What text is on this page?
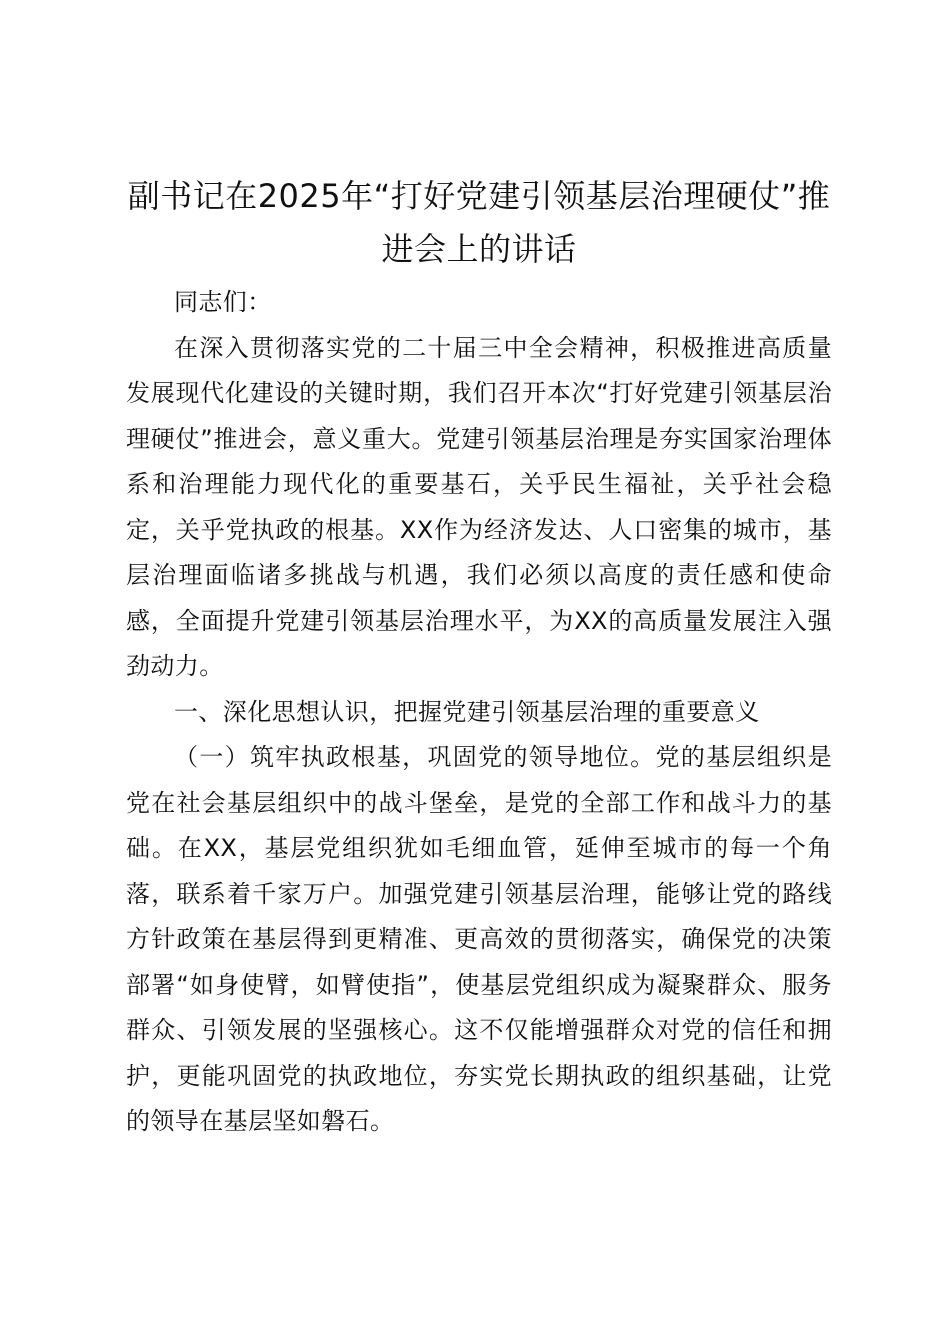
副书记在2025年“打好党建引领基层治理硬仗”推进会上的讲话

同志们：

在深入贯彻落实党的二十届三中全会精神，积极推进高质量发展现代化建设的关键时期，我们召开本次“打好党建引领基层治理硬仗”推进会，意义重大。党建引领基层治理是夯实国家治理体系和治理能力现代化的重要基石，关乎民生福祉，关乎社会稳定，关乎党执政的根基。XX作为经济发达、人口密集的城市，基层治理面临诸多挑战与机遇，我们必须以高度的责任感和使命感，全面提升党建引领基层治理水平，为XX的高质量发展注入强劲动力。

一、深化思想认识，把握党建引领基层治理的重要意义

（一）筑牢执政根基，巩固党的领导地位。党的基层组织是党在社会基层组织中的战斗堡垒，是党的全部工作和战斗力的基础。在XX，基层党组织犹如毛细血管，延伸至城市的每一个角落，联系着千家万户。加强党建引领基层治理，能够让党的路线方针政策在基层得到更精准、更高效的贯彻落实，确保党的决策部署“如身使臂，如臂使指”，使基层党组织成为凝聚群众、服务群众、引领发展的坚强核心。这不仅能增强群众对党的信任和拥护，更能巩固党的执政地位，夯实党长期执政的组织基础，让党的领导在基层坚如磐石。
